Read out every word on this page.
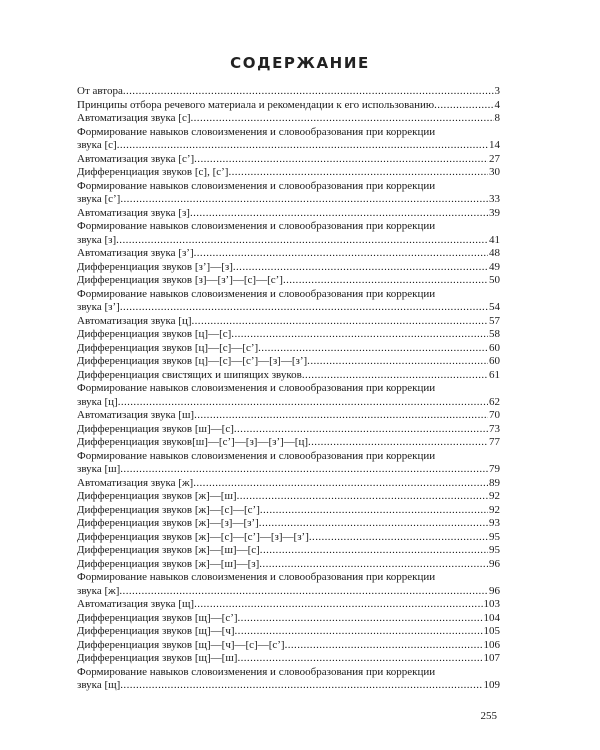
СОДЕРЖАНИЕ
От автора .....	3
Принципы отбора речевого материала и рекомендации к его использованию .....	4
Автоматизация звука [с] .....	8
Формирование навыков словоизменения и словообразования при коррекции
звука [с] .....	14
Автоматизация звука [с’] .....	27
Дифференциация звуков [с], [с’] .....	30
Формирование навыков словоизменения и словообразования при коррекции
звука [с’] .....	33
Автоматизация звука [з] .....	39
Формирование навыков словоизменения и словообразования при коррекции
звука [з] .....	41
Автоматизация звука [з’] .....	48
Дифференциация звуков [з’]—[з] .....	49
Дифференциация звуков [з]—[з’]—[с]—[с’] .....	50
Формирование навыков словоизменения и словообразования при коррекции
звука [з’] .....	54
Автоматизация звука [ц] .....	57
Дифференциация звуков [ц]—[с] .....	58
Дифференциация звуков [ц]—[с]—[с’] .....	60
Дифференциация звуков [ц]—[с]—[с’]—[з]—[з’] .....	60
Дифференциация свистящих и шипящих звуков .....	61
Формирование навыков словоизменения и словообразования при коррекции
звука [ц] .....	62
Автоматизация звука [ш] .....	70
Дифференциация звуков [ш]—[с] .....	73
Дифференциация звуков[ш]—[с’]—[з]—[з’]—[ц] .....	77
Формирование навыков словоизменения и словообразования при коррекции
звука [ш] .....	79
Автоматизация звука [ж] .....	89
Дифференциация звуков [ж]—[ш] .....	92
Дифференциация звуков [ж]—[с]—[с’] .....	92
Дифференциация звуков [ж]—[з]—[з’] .....	93
Дифференциация звуков [ж]—[с]—[с’]—[з]—[з’] .....	95
Дифференциация звуков [ж]—[ш]—[с] .....	95
Дифференциация звуков [ж]—[ш]—[з] .....	96
Формирование навыков словоизменения и словообразования при коррекции
звука [ж] .....	96
Автоматизация звука [щ] .....	103
Дифференциация звуков [щ]—[с’] .....	104
Дифференциация звуков [щ]—[ч] .....	105
Дифференциация звуков [щ]—[ч]—[с]—[с’] .....	106
Дифференциация звуков [щ]—[ш] .....	107
Формирование навыков словоизменения и словообразования при коррекции
звука [щ] .....	109
255
